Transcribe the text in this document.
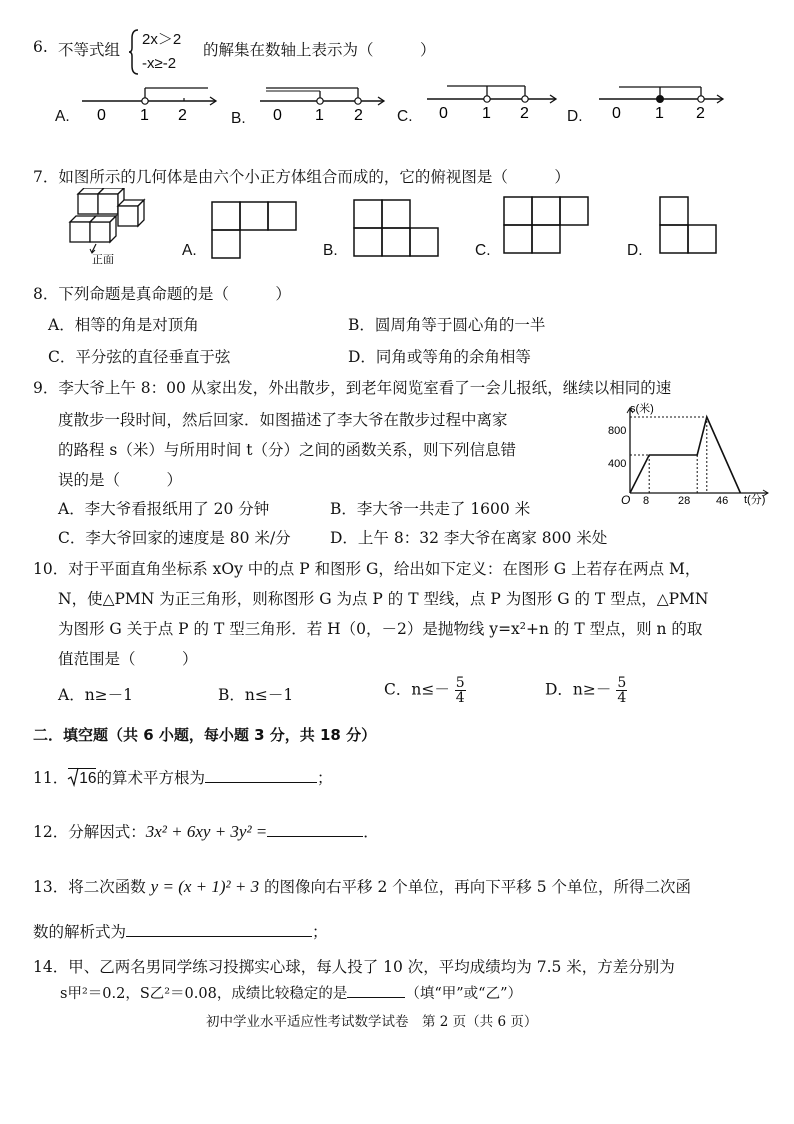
6. 不等式组
2x＞2
-x≥-2
的解集在数轴上表示为（　　　）
A. 0 1 2	B. 0 1 2 C. 0 1 2 D. 0 1 2
7．如图所示的几何体是由六个小正方体组合而成的，它的俯视图是（　　　）
正面
A.	B.	C.	D.
8．下列命题是真命题的是（　　　）
A．相等的角是对顶角	B．圆周角等于圆心角的一半
C．平分弦的直径垂直于弦	D．同角或等角的余角相等
9．李大爷上午 8：00 从家出发，外出散步，到老年阅览室看了一会儿报纸，继续以相同的速
度散步一段时间，然后回家．如图描述了李大爷在散步过程中离家
的路程 s（米）与所用时间 t（分）之间的函数关系，则下列信息错
误的是（　　　）
A．李大爷看报纸用了 20 分钟	B．李大爷一共走了 1600 米
C．李大爷回家的速度是 80 米/分	D．上午 8：32 李大爷在离家 800 米处
s(米)
t(分)
O
800
400
8	28 46
10．对于平面直角坐标系 xOy 中的点 P 和图形 G，给出如下定义：在图形 G 上若存在两点 M，
N，使△PMN 为正三角形，则称图形 G 为点 P 的 T 型线，点 P 为图形 G 的 T 型点，△PMN
为图形 G 关于点 P 的 T 型三角形．若 H（0，－2）是抛物线 y=x²+n 的 T 型点，则 n 的取
值范围是（　　　）
A．n≥－1	B．n≤－1	C．$n\le- \frac{5}{4}$	D．$n\ge- \frac{5}{4}$
二．填空题（共 6 小题，每小题 3 分，共 18 分）
11． 16的算术平方根为	；
12．分解因式：3x² + 6xy + 3y² =	．
13．将二次函数 y = (x + 1)² + 3 的图像向右平移 2 个单位，再向下平移 5 个单位，所得二次函
数的解析式为	；
14．甲、乙两名男同学练习投掷实心球，每人投了 10 次，平均成绩均为 7.5 米，方差分别为
s甲²＝0.2，S乙²＝0.08，成绩比较稳定的是	（填“甲”或“乙”）
初中学业水平适应性考试数学试卷　第 2 页（共 6 页）
